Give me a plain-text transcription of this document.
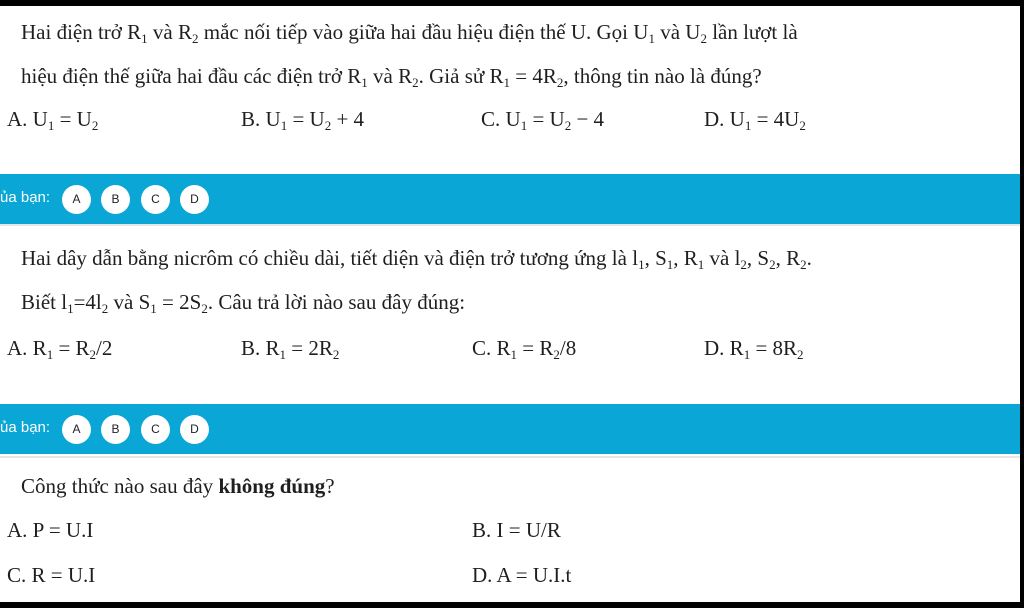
Hai điện trở $R_1$ và $R_2$ mắc nối tiếp vào giữa hai đầu hiệu điện thế U. Gọi $U_1$ và $U_2$ lần lượt là
hiệu điện thế giữa hai đầu các điện trở $R_1$ và $R_2$. Giả sử $R_1 = 4R_2$, thông tin nào là đúng?
A. $U_1 = U_2$	B. $U_1 = U_2 + 4$	C. $U_1 = U_2 - 4$	D. $U_1 = 4U_2$
ủa bạn:	A	B	C	D
Hai dây dẫn bằng nicrôm có chiều dài, tiết diện và điện trở tương ứng là $l_1$, $S_1$, $R_1$ và $l_2$, $S_2$, $R_2$.
Biết $l_1=4l_2$ và $S_1 = 2S_2$. Câu trả lời nào sau đây đúng:
A. $R_1 = R_2/2$	B. $R_1 = 2R_2$	C. $R_1 = R_2/8$	D. $R_1 = 8R_2$
ủa bạn:	A	B	C	D
Công thức nào sau đây không đúng?
A. P = U.I	B. I = U/R
C. R = U.I	D. A = U.I.t
